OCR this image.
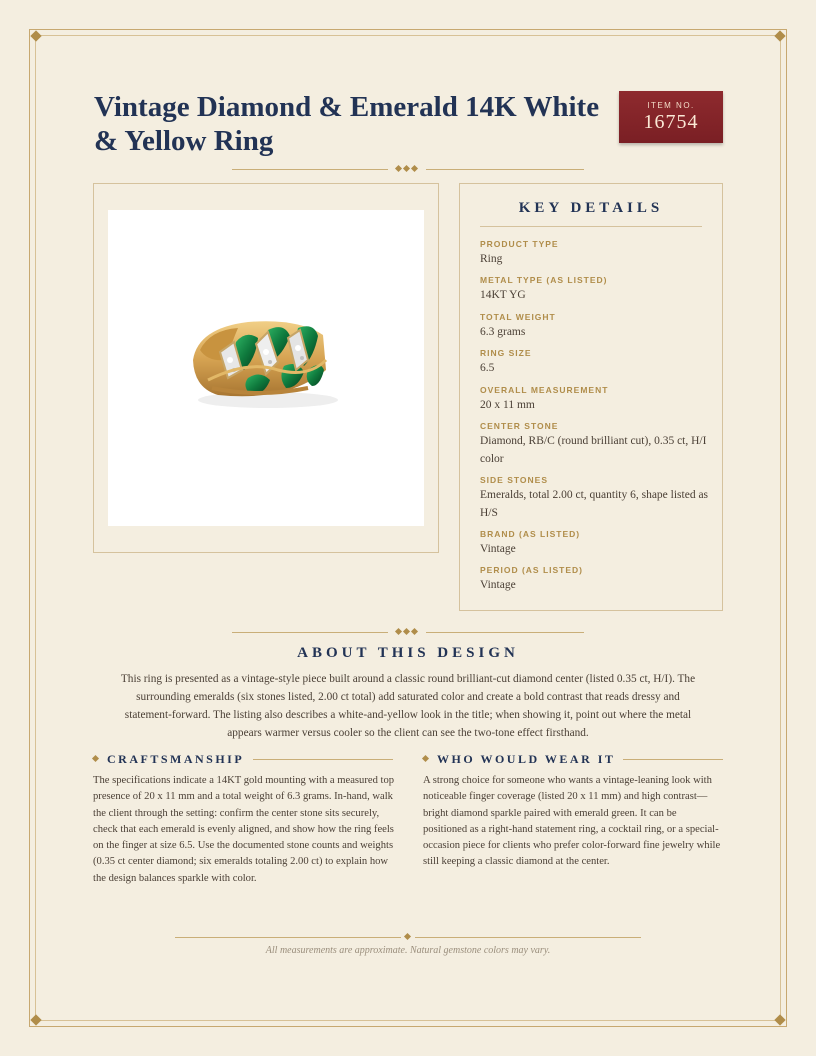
Vintage Diamond & Emerald 14K White & Yellow Ring
ITEM NO.
16754
KEY DETAILS
PRODUCT TYPE
Ring
METAL TYPE (AS LISTED)
14KT YG
TOTAL WEIGHT
6.3 grams
RING SIZE
6.5
OVERALL MEASUREMENT
20 x 11 mm
CENTER STONE
Diamond, RB/C (round brilliant cut), 0.35 ct, H/I color
SIDE STONES
Emeralds, total 2.00 ct, quantity 6, shape listed as H/S
BRAND (AS LISTED)
Vintage
PERIOD (AS LISTED)
Vintage
ABOUT THIS DESIGN

This ring is presented as a vintage-style piece built around a classic round brilliant-cut diamond center (listed 0.35 ct, H/I). The surrounding emeralds (six stones listed, 2.00 ct total) add saturated color and create a bold contrast that reads dressy and statement-forward. The listing also describes a white-and-yellow look in the title; when showing it, point out where the metal appears warmer versus cooler so the client can see the two-tone effect firsthand.

CRAFTSMANSHIP

The specifications indicate a 14KT gold mounting with a measured top presence of 20 x 11 mm and a total weight of 6.3 grams. In-hand, walk the client through the setting: confirm the center stone sits securely, check that each emerald is evenly aligned, and show how the ring feels on the finger at size 6.5. Use the documented stone counts and weights (0.35 ct center diamond; six emeralds totaling 2.00 ct) to explain how the design balances sparkle with color.

WHO WOULD WEAR IT

A strong choice for someone who wants a vintage-leaning look with noticeable finger coverage (listed 20 x 11 mm) and high contrast—bright diamond sparkle paired with emerald green. It can be positioned as a right-hand statement ring, a cocktail ring, or a special-occasion piece for clients who prefer color-forward fine jewelry while still keeping a classic diamond at the center.

All measurements are approximate. Natural gemstone colors may vary.
